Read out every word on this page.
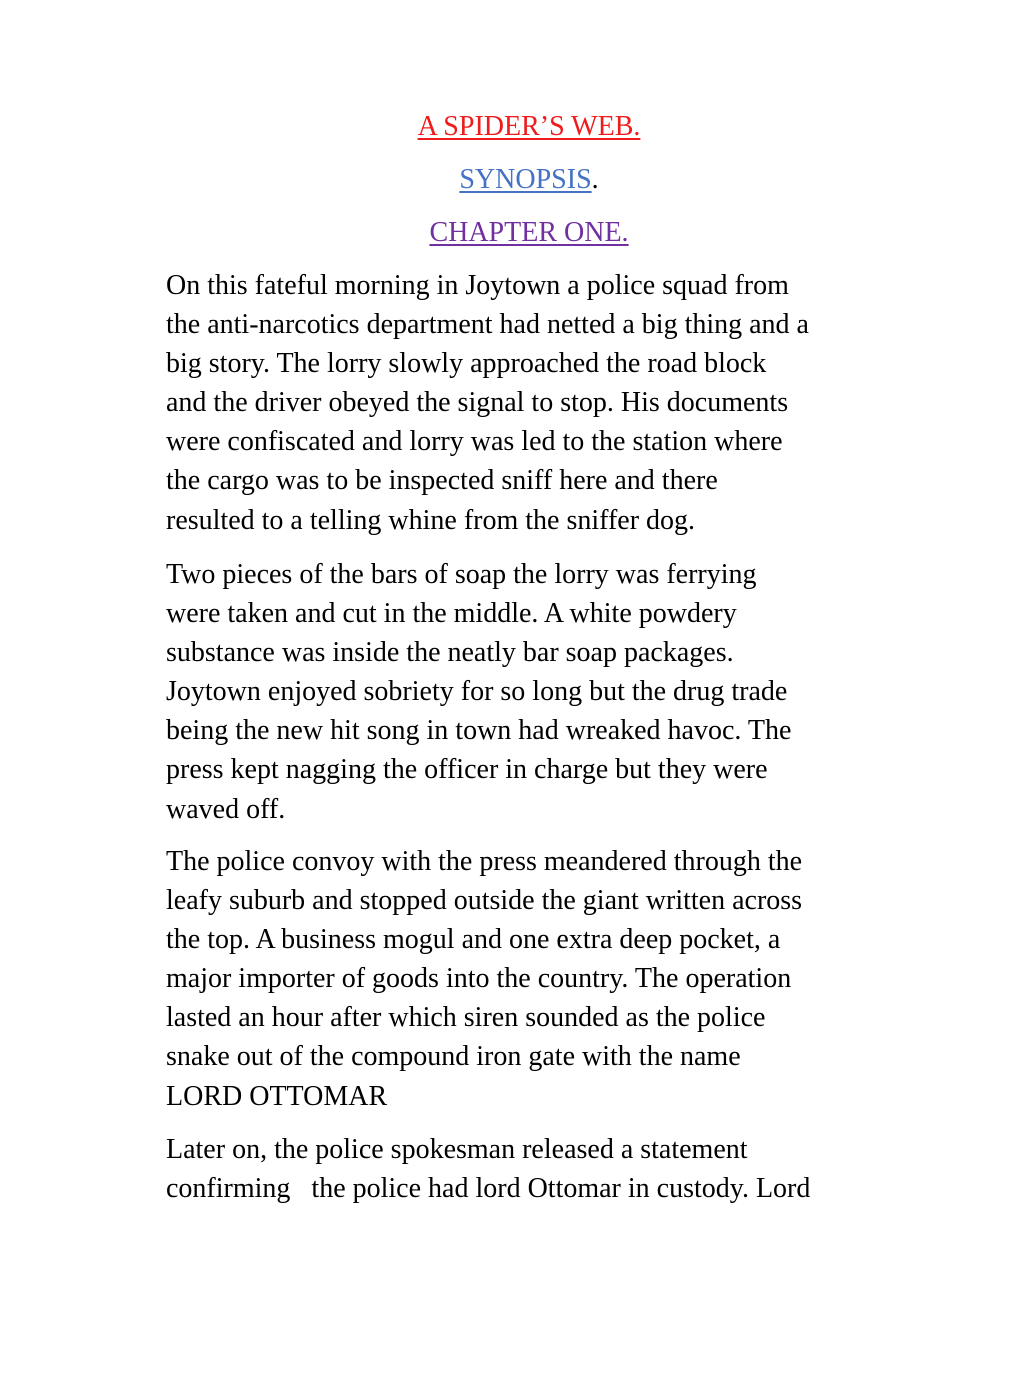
A SPIDER’S WEB.
SYNOPSIS.
CHAPTER ONE.
On this fateful morning in Joytown a police squad from
the anti-narcotics department had netted a big thing and a
big story. The lorry slowly approached the road block
and the driver obeyed the signal to stop. His documents
were confiscated and lorry was led to the station where
the cargo was to be inspected sniff here and there
resulted to a telling whine from the sniffer dog.
Two pieces of the bars of soap the lorry was ferrying
were taken and cut in the middle. A white powdery
substance was inside the neatly bar soap packages.
Joytown enjoyed sobriety for so long but the drug trade
being the new hit song in town had wreaked havoc. The
press kept nagging the officer in charge but they were
waved off.
The police convoy with the press meandered through the
leafy suburb and stopped outside the giant written across
the top. A business mogul and one extra deep pocket, a
major importer of goods into the country. The operation
lasted an hour after which siren sounded as the police
snake out of the compound iron gate with the name
LORD OTTOMAR
Later on, the police spokesman released a statement
confirming   the police had lord Ottomar in custody. Lord
